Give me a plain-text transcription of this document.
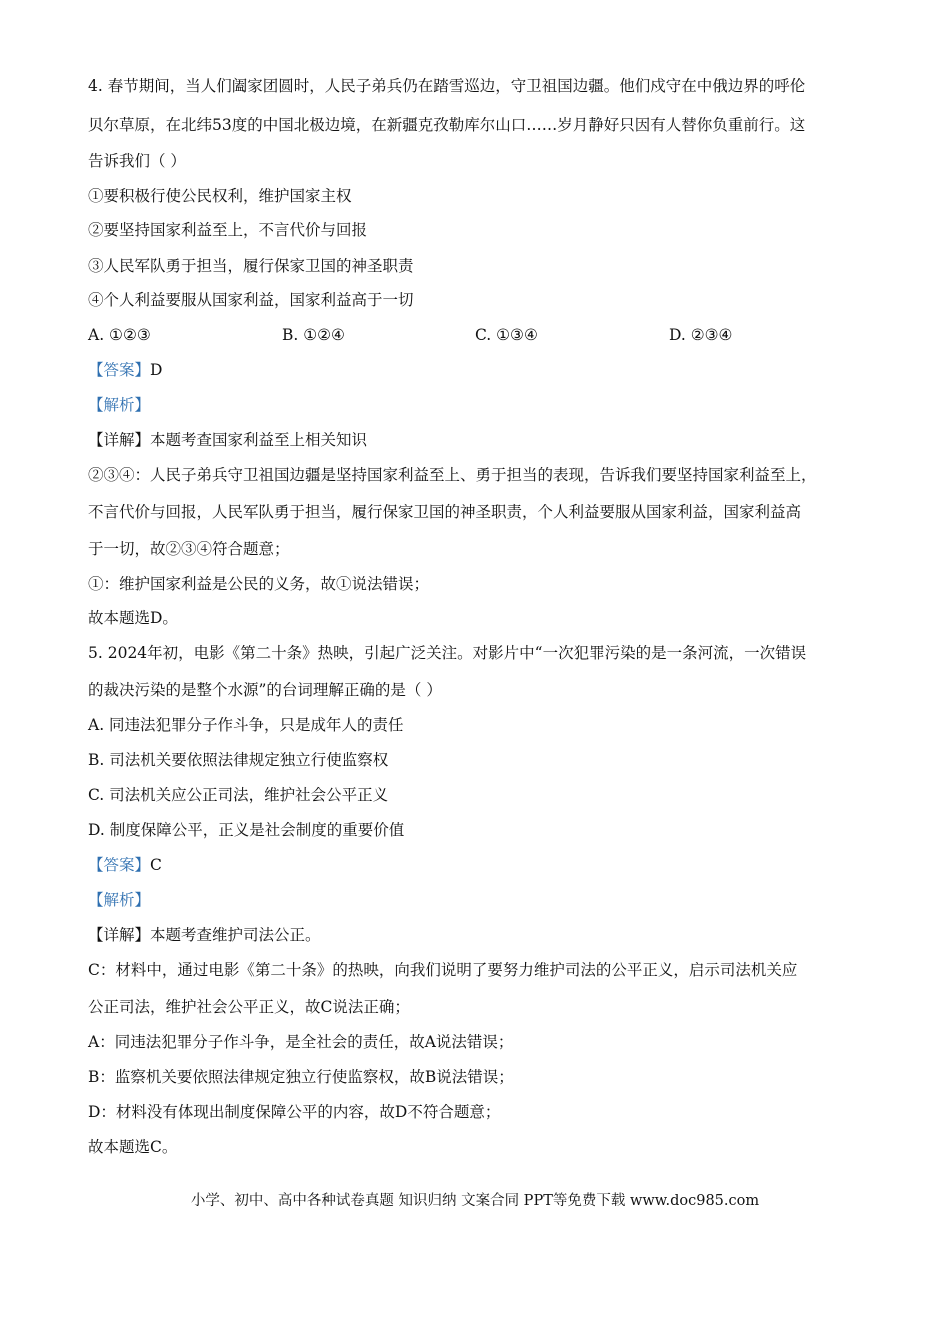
4. 春节期间，当人们阖家团圆时，人民子弟兵仍在踏雪巡边，守卫祖国边疆。他们戍守在中俄边界的呼伦
贝尔草原，在北纬53度的中国北极边境，在新疆克孜勒库尔山口……岁月静好只因有人替你负重前行。这
告诉我们（ ）
①要积极行使公民权利，维护国家主权
②要坚持国家利益至上，不言代价与回报
③人民军队勇于担当，履行保家卫国的神圣职责
④个人利益要服从国家利益，国家利益高于一切
A. ①②③	B. ①②④	C. ①③④	D. ②③④
【答案】D
【解析】
【详解】本题考查国家利益至上相关知识
②③④：人民子弟兵守卫祖国边疆是坚持国家利益至上、勇于担当的表现，告诉我们要坚持国家利益至上，
不言代价与回报，人民军队勇于担当，履行保家卫国的神圣职责，个人利益要服从国家利益，国家利益高
于一切，故②③④符合题意；
①：维护国家利益是公民的义务，故①说法错误；
故本题选D。
5. 2024年初，电影《第二十条》热映，引起广泛关注。对影片中“一次犯罪污染的是一条河流，一次错误
的裁决污染的是整个水源”的台词理解正确的是（ ）
A. 同违法犯罪分子作斗争，只是成年人的责任
B. 司法机关要依照法律规定独立行使监察权
C. 司法机关应公正司法，维护社会公平正义
D. 制度保障公平，正义是社会制度的重要价值
【答案】C
【解析】
【详解】本题考查维护司法公正。
C：材料中，通过电影《第二十条》的热映，向我们说明了要努力维护司法的公平正义，启示司法机关应
公正司法，维护社会公平正义，故C说法正确；
A：同违法犯罪分子作斗争，是全社会的责任，故A说法错误；
B：监察机关要依照法律规定独立行使监察权，故B说法错误；
D：材料没有体现出制度保障公平的内容，故D不符合题意；
故本题选C。
小学、初中、高中各种试卷真题 知识归纳 文案合同 PPT等免费下载 www.doc985.com
